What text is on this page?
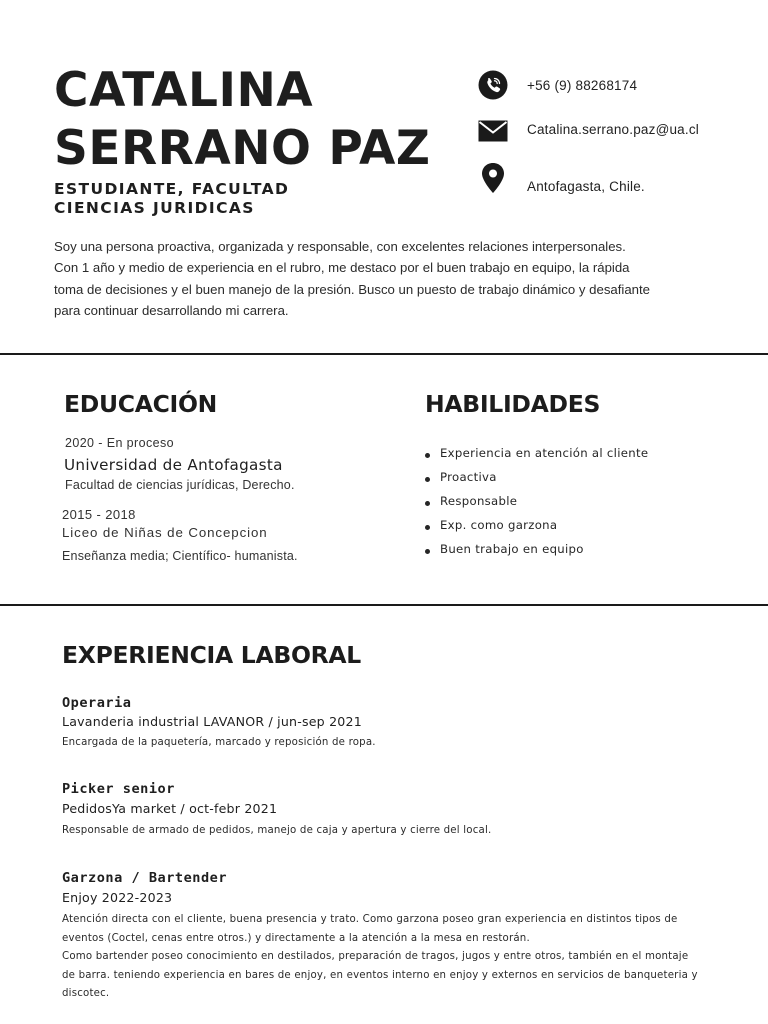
CATALINA
SERRANO PAZ
ESTUDIANTE, FACULTAD
CIENCIAS JURIDICAS
+56 (9) 88268174
Catalina.serrano.paz@ua.cl
Antofagasta, Chile.
Soy una persona proactiva, organizada y responsable, con excelentes relaciones interpersonales.
Con 1 año y medio de experiencia en el rubro, me destaco por el buen trabajo en equipo, la rápida
toma de decisiones y el buen manejo de la presión. Busco un puesto de trabajo dinámico y desafiante
para continuar desarrollando mi carrera.
EDUCACIÓN
2020 - En proceso
Universidad de Antofagasta
Facultad de ciencias jurídicas, Derecho.
2015 - 2018
Liceo de Niñas de Concepcion
Enseñanza media; Científico- humanista.
HABILIDADES
Experiencia en atención al cliente
Proactiva
Responsable
Exp. como garzona
Buen trabajo en equipo
EXPERIENCIA LABORAL
Operaria
Lavanderia industrial LAVANOR / jun-sep 2021
Encargada de la paquetería, marcado y reposición de ropa.
Picker senior
PedidosYa market / oct-febr 2021
Responsable de armado de pedidos, manejo de caja y apertura y cierre del local.
Garzona / Bartender
Enjoy 2022-2023
Atención directa con el cliente, buena presencia y trato. Como garzona poseo gran experiencia en distintos tipos de
eventos (Coctel, cenas entre otros.) y directamente a la atención a la mesa en restorán.
Como bartender poseo conocimiento en destilados, preparación de tragos, jugos y entre otros, también en el montaje
de barra. teniendo experiencia en bares de enjoy, en eventos interno en enjoy y externos en servicios de banqueteria y
discotec.
